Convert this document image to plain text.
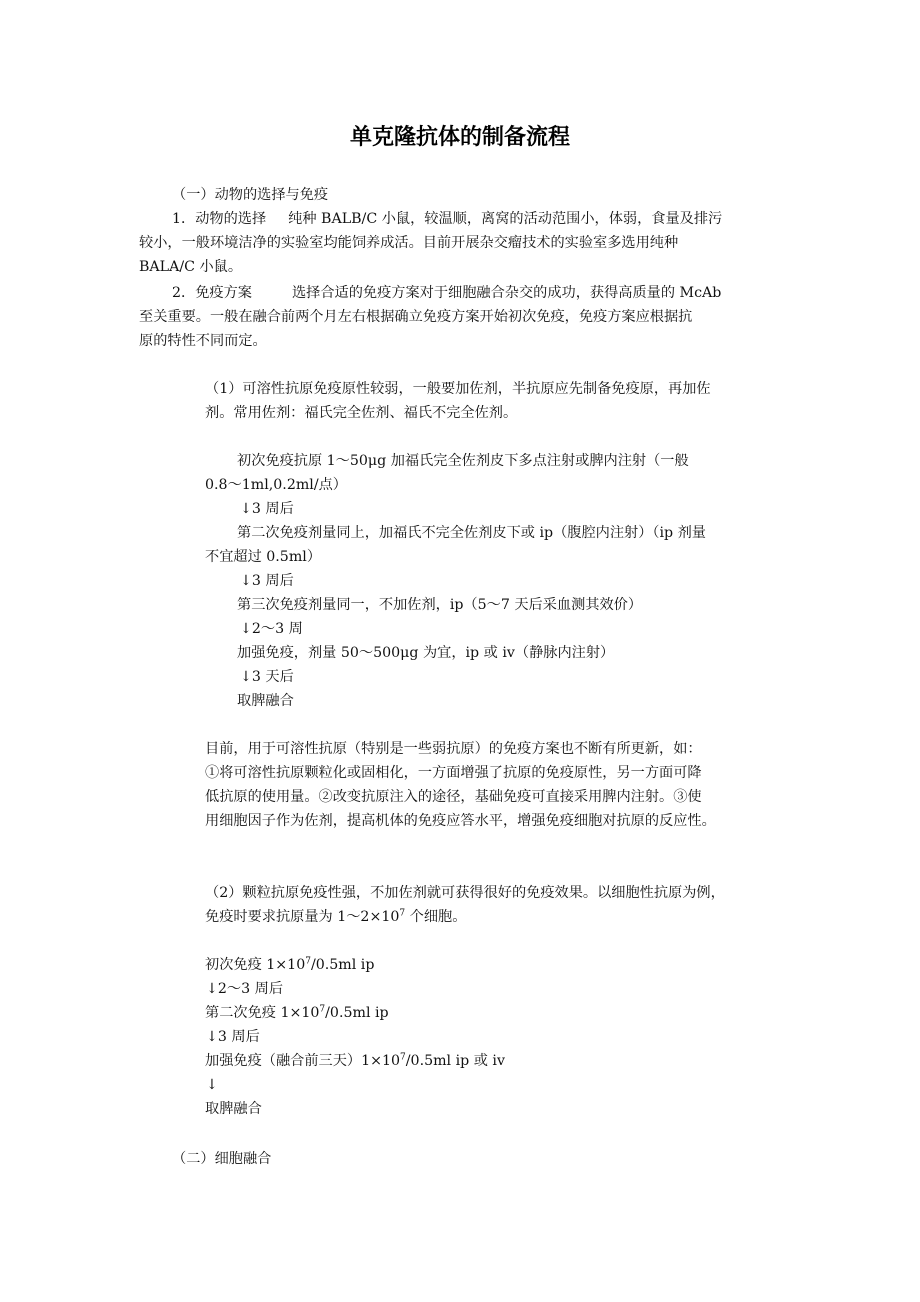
单克隆抗体的制备流程
（一）动物的选择与免疫
1．动物的选择 纯种 BALB/C 小鼠，较温顺，离窝的活动范围小，体弱，食量及排污
较小，一般环境洁净的实验室均能饲养成活。目前开展杂交瘤技术的实验室多选用纯种
BALA/C 小鼠。
2．免疫方案	选择合适的免疫方案对于细胞融合杂交的成功，获得高质量的 McAb
至关重要。一般在融合前两个月左右根据确立免疫方案开始初次免疫，免疫方案应根据抗
原的特性不同而定。
（1）可溶性抗原免疫原性较弱，一般要加佐剂，半抗原应先制备免疫原，再加佐
剂。常用佐剂：福氏完全佐剂、福氏不完全佐剂。
初次免疫抗原 1～50μg 加福氏完全佐剂皮下多点注射或脾内注射（一般
0.8～1ml,0.2ml/点）
↓3 周后
第二次免疫剂量同上，加福氏不完全佐剂皮下或 ip（腹腔内注射）（ip 剂量
不宜超过 0.5ml）
↓3 周后
第三次免疫剂量同一，不加佐剂，ip（5～7 天后采血测其效价）
↓2～3 周
加强免疫，剂量 50～500μg 为宜，ip 或 iv（静脉内注射）
↓3 天后
取脾融合
目前，用于可溶性抗原（特别是一些弱抗原）的免疫方案也不断有所更新，如：
①将可溶性抗原颗粒化或固相化，一方面增强了抗原的免疫原性，另一方面可降
低抗原的使用量。②改变抗原注入的途径，基础免疫可直接采用脾内注射。③使
用细胞因子作为佐剂，提高机体的免疫应答水平，增强免疫细胞对抗原的反应性。
（2）颗粒抗原免疫性强，不加佐剂就可获得很好的免疫效果。以细胞性抗原为例，
免疫时要求抗原量为 $1\sim 2\times 10^7$ 个细胞。
初次免疫 $1\times 10^7/0.5ml$ ip
↓2～3 周后
第二次免疫 $1\times 10^7/0.5ml$ ip
↓3 周后
加强免疫（融合前三天）$1\times 10^7/0.5ml$ ip 或 iv
↓
取脾融合
（二）细胞融合
